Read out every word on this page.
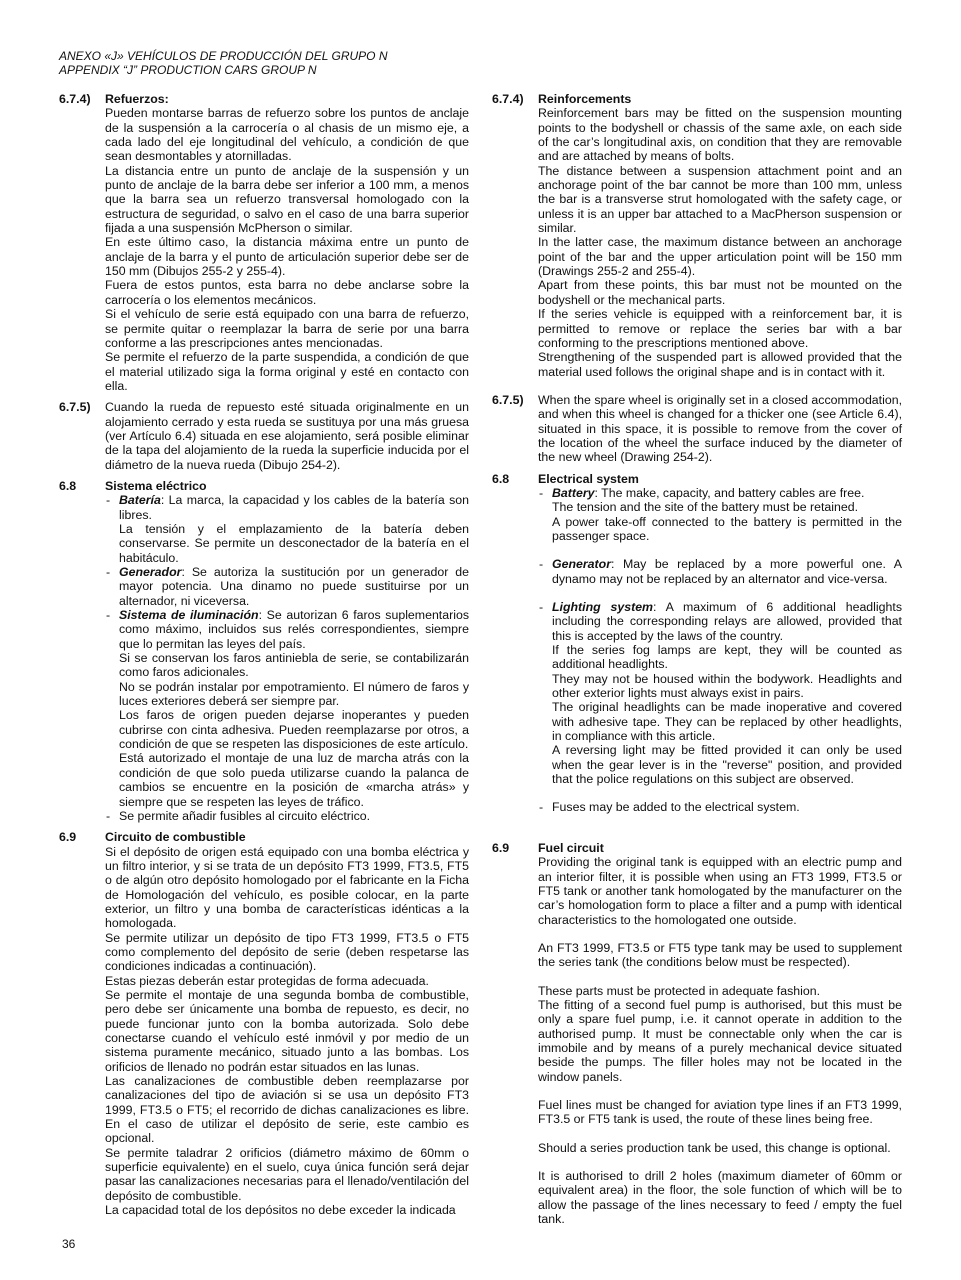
ANEXO «J» VEHÍCULOS DE PRODUCCIÓN DEL GRUPO N
APPENDIX “J” PRODUCTION CARS GROUP N
6.7.4) Refuerzos:
Pueden montarse barras de refuerzo sobre los puntos de anclaje de la suspensión a la carrocería o al chasis de un mismo eje, a cada lado del eje longitudinal del vehículo, a condición de que sean desmontables y atornilladas.
La distancia entre un punto de anclaje de la suspensión y un punto de anclaje de la barra debe ser inferior a 100 mm, a menos que la barra sea un refuerzo transversal homologado con la estructura de seguridad, o salvo en el caso de una barra superior fijada a una suspensión McPherson o similar.
En este último caso, la distancia máxima entre un punto de anclaje de la barra y el punto de articulación superior debe ser de 150 mm (Dibujos 255-2 y 255-4).
Fuera de estos puntos, esta barra no debe anclarse sobre la carrocería o los elementos mecánicos.
Si el vehículo de serie está equipado con una barra de refuerzo, se permite quitar o reemplazar la barra de serie por una barra conforme a las prescripciones antes mencionadas.
Se permite el refuerzo de la parte suspendida, a condición de que el material utilizado siga la forma original y esté en contacto con ella.
6.7.5) Cuando la rueda de repuesto esté situada originalmente en un alojamiento cerrado y esta rueda se sustituya por una más gruesa (ver Artículo 6.4) situada en ese alojamiento, será posible eliminar de la tapa del alojamiento de la rueda la superficie inducida por el diámetro de la nueva rueda (Dibujo 254-2).
6.8 Sistema eléctrico
- Batería: La marca, la capacidad y los cables de la batería son libres.
La tensión y el emplazamiento de la batería deben conservarse. Se permite un desconectador de la batería en el habitáculo.
- Generador: Se autoriza la sustitución por un generador de mayor potencia. Una dinamo no puede sustituirse por un alternador, ni viceversa.
- Sistema de iluminación: Se autorizan 6 faros suplementarios como máximo, incluidos sus relés correspondientes, siempre que lo permitan las leyes del país.
Si se conservan los faros antiniebla de serie, se contabilizarán como faros adicionales.
No se podrán instalar por empotramiento. El número de faros y luces exteriores deberá ser siempre par.
Los faros de origen pueden dejarse inoperantes y pueden cubrirse con cinta adhesiva. Pueden reemplazarse por otros, a condición de que se respeten las disposiciones de este artículo.
Está autorizado el montaje de una luz de marcha atrás con la condición de que solo pueda utilizarse cuando la palanca de cambios se encuentre en la posición de «marcha atrás» y siempre que se respeten las leyes de tráfico.
- Se permite añadir fusibles al circuito eléctrico.
6.9 Circuito de combustible
Si el depósito de origen está equipado con una bomba eléctrica y un filtro interior, y si se trata de un depósito FT3 1999, FT3.5, FT5 o de algún otro depósito homologado por el fabricante en la Ficha de Homologación del vehículo, es posible colocar, en la parte exterior, un filtro y una bomba de características idénticas a la homologada.
Se permite utilizar un depósito de tipo FT3 1999, FT3.5 o FT5 como complemento del depósito de serie (deben respetarse las condiciones indicadas a continuación).
Estas piezas deberán estar protegidas de forma adecuada.
Se permite el montaje de una segunda bomba de combustible, pero debe ser únicamente una bomba de repuesto, es decir, no puede funcionar junto con la bomba autorizada. Solo debe conectarse cuando el vehículo esté inmóvil y por medio de un sistema puramente mecánico, situado junto a las bombas. Los orificios de llenado no podrán estar situados en las lunas.
Las canalizaciones de combustible deben reemplazarse por canalizaciones del tipo de aviación si se usa un depósito FT3 1999, FT3.5 o FT5; el recorrido de dichas canalizaciones es libre. En el caso de utilizar el depósito de serie, este cambio es opcional.
Se permite taladrar 2 orificios (diámetro máximo de 60mm o superficie equivalente) en el suelo, cuya única función será dejar pasar las canalizaciones necesarias para el llenado/ventilación del depósito de combustible.
La capacidad total de los depósitos no debe exceder la indicada
6.7.4) Reinforcements
Reinforcement bars may be fitted on the suspension mounting points to the bodyshell or chassis of the same axle, on each side of the car’s longitudinal axis, on condition that they are removable and are attached by means of bolts.
The distance between a suspension attachment point and an anchorage point of the bar cannot be more than 100 mm, unless the bar is a transverse strut homologated with the safety cage, or unless it is an upper bar attached to a MacPherson suspension or similar.
In the latter case, the maximum distance between an anchorage point of the bar and the upper articulation point will be 150 mm (Drawings 255-2 and 255-4).
Apart from these points, this bar must not be mounted on the bodyshell or the mechanical parts.
If the series vehicle is equipped with a reinforcement bar, it is permitted to remove or replace the series bar with a bar conforming to the prescriptions mentioned above.
Strengthening of the suspended part is allowed provided that the material used follows the original shape and is in contact with it.
6.7.5) When the spare wheel is originally set in a closed accommodation, and when this wheel is changed for a thicker one (see Article 6.4), situated in this space, it is possible to remove from the cover of the location of the wheel the surface induced by the diameter of the new wheel (Drawing 254-2).
6.8 Electrical system
- Battery: The make, capacity, and battery cables are free.
The tension and the site of the battery must be retained.
A power take-off connected to the battery is permitted in the passenger space.
- Generator: May be replaced by a more powerful one. A dynamo may not be replaced by an alternator and vice-versa.
- Lighting system: A maximum of 6 additional headlights including the corresponding relays are allowed, provided that this is accepted by the laws of the country.
If the series fog lamps are kept, they will be counted as additional headlights.
They may not be housed within the bodywork. Headlights and other exterior lights must always exist in pairs.
The original headlights can be made inoperative and covered with adhesive tape. They can be replaced by other headlights, in compliance with this article.
A reversing light may be fitted provided it can only be used when the gear lever is in the "reverse" position, and provided that the police regulations on this subject are observed.
- Fuses may be added to the electrical system.
6.9 Fuel circuit
Providing the original tank is equipped with an electric pump and an interior filter, it is possible when using an FT3 1999, FT3.5 or FT5 tank or another tank homologated by the manufacturer on the car’s homologation form to place a filter and a pump with identical characteristics to the homologated one outside.
An FT3 1999, FT3.5 or FT5 type tank may be used to supplement the series tank (the conditions below must be respected).
These parts must be protected in adequate fashion.
The fitting of a second fuel pump is authorised, but this must be only a spare fuel pump, i.e. it cannot operate in addition to the authorised pump. It must be connectable only when the car is immobile and by means of a purely mechanical device situated beside the pumps. The filler holes may not be located in the window panels.
Fuel lines must be changed for aviation type lines if an FT3 1999, FT3.5 or FT5 tank is used, the route of these lines being free.
Should a series production tank be used, this change is optional.
It is authorised to drill 2 holes (maximum diameter of 60mm or equivalent area) in the floor, the sole function of which will be to allow the passage of the lines necessary to feed / empty the fuel tank.
36
